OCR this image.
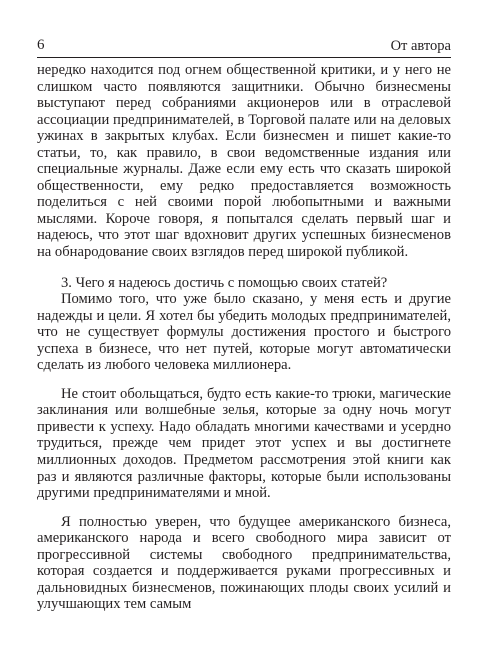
6	От автора

нередко находится под огнем общественной критики, и у него не слишком часто появляются защитники. Обычно бизнесмены выступают перед собраниями акционеров или в отраслевой ассоциации предпринимателей, в Торговой палате или на деловых ужинах в закрытых клубах. Если бизнесмен и пишет какие-то статьи, то, как правило, в свои ведомственные издания или специальные журналы. Даже если ему есть что сказать широкой общественности, ему редко предоставляется возможность поделиться с ней своими порой любопытными и важными мыслями. Короче говоря, я попытался сделать первый шаг и надеюсь, что этот шаг вдохновит других успешных бизнесменов на обнародование своих взглядов перед широкой публикой.

3. Чего я надеюсь достичь с помощью своих статей?

Помимо того, что уже было сказано, у меня есть и другие надежды и цели. Я хотел бы убедить молодых предпринимателей, что не существует формулы достижения простого и быстрого успеха в бизнесе, что нет путей, которые могут автоматически сделать из любого человека миллионера.

Не стоит обольщаться, будто есть какие-то трюки, магические заклинания или волшебные зелья, которые за одну ночь могут привести к успеху. Надо обладать многими качествами и усердно трудиться, прежде чем придет этот успех и вы достигнете миллионных доходов. Предметом рассмотрения этой книги как раз и являются различные факторы, которые были использованы другими предпринимателями и мной.

Я полностью уверен, что будущее американского бизнеса, американского народа и всего свободного мира зависит от прогрессивной системы свободного предпринимательства, которая создается и поддерживается руками прогрессивных и дальновидных бизнесменов, пожинающих плоды своих усилий и улучшающих тем самым
